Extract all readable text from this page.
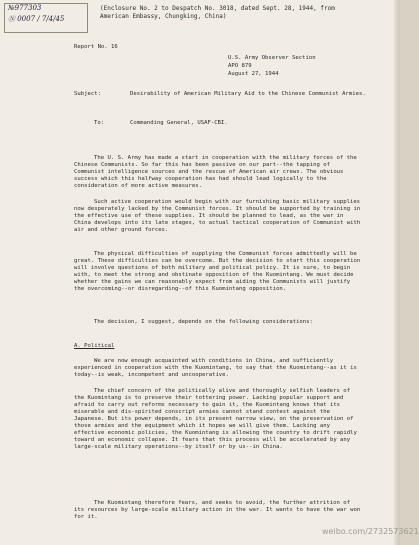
№977303
Ⓝ 0007 / 7/4/45
(Enclosure No. 2 to Despatch No. 3018, dated Sept. 28, 1944, from American Embassy, Chungking, China)
Report No. 16
U.S. Army Observer Section
APO 879
August 27, 1944
Subject:	Desirability of American Military Aid to the Chinese Communist Armies.
To:	Commanding General, USAF-CBI.

The U. S. Army has made a start in cooperation with the military forces of the Chinese Communists. So far this has been passive on our part--the tapping of Communist intelligence sources and the rescue of American air crews. The obvious success which this halfway cooperation has had should lead logically to the consideration of more active measures.

Such active cooperation would begin with our furnishing basic military supplies now desperately lacked by the Communist forces. It should be supported by training in the effective use of these supplies. It should be planned to lead, as the war in China develops into its late stages, to actual tactical cooperation of Communist with air and other ground forces.

The physical difficulties of supplying the Communist forces admittedly will be great. These difficulties can be overcome. But the decision to start this cooperation will involve questions of both military and political policy. It is sure, to begin with, to meet the strong and obstinate opposition of the Kuomintang. We must decide whether the gains we can reasonably expect from aiding the Communists will justify the overcoming--or disregarding--of this Kuomintang opposition.

The decision, I suggest, depends on the following considerations:

A. Political

We are now enough acquainted with conditions in China, and sufficiently experienced in cooperation with the Kuomintang, to say that the Kuomintang--as it is today--is weak, incompetent and uncooperative.

The chief concern of the politically alive and thoroughly selfish leaders of the Kuomintang is to preserve their tottering power. Lacking popular support and afraid to carry out reforms necessary to gain it, the Kuomintang knows that its miserable and dis-spirited conscript armies cannot stand contest against the Japanese. But its power depends, in its present narrow view, on the preservation of those armies and the equipment which it hopes we will give them. Lacking any effective economic policies, the Kuomintang is allowing the country to drift rapidly toward an economic collapse. It fears that this process will be accelerated by any large-scale military operations--by itself or by us--in China.

The Kuomintang therefore fears, and seeks to avoid, the further attrition of its resources by large-scale military action in the war. It wants to have the war won for it.

weibo.com/2732573621
